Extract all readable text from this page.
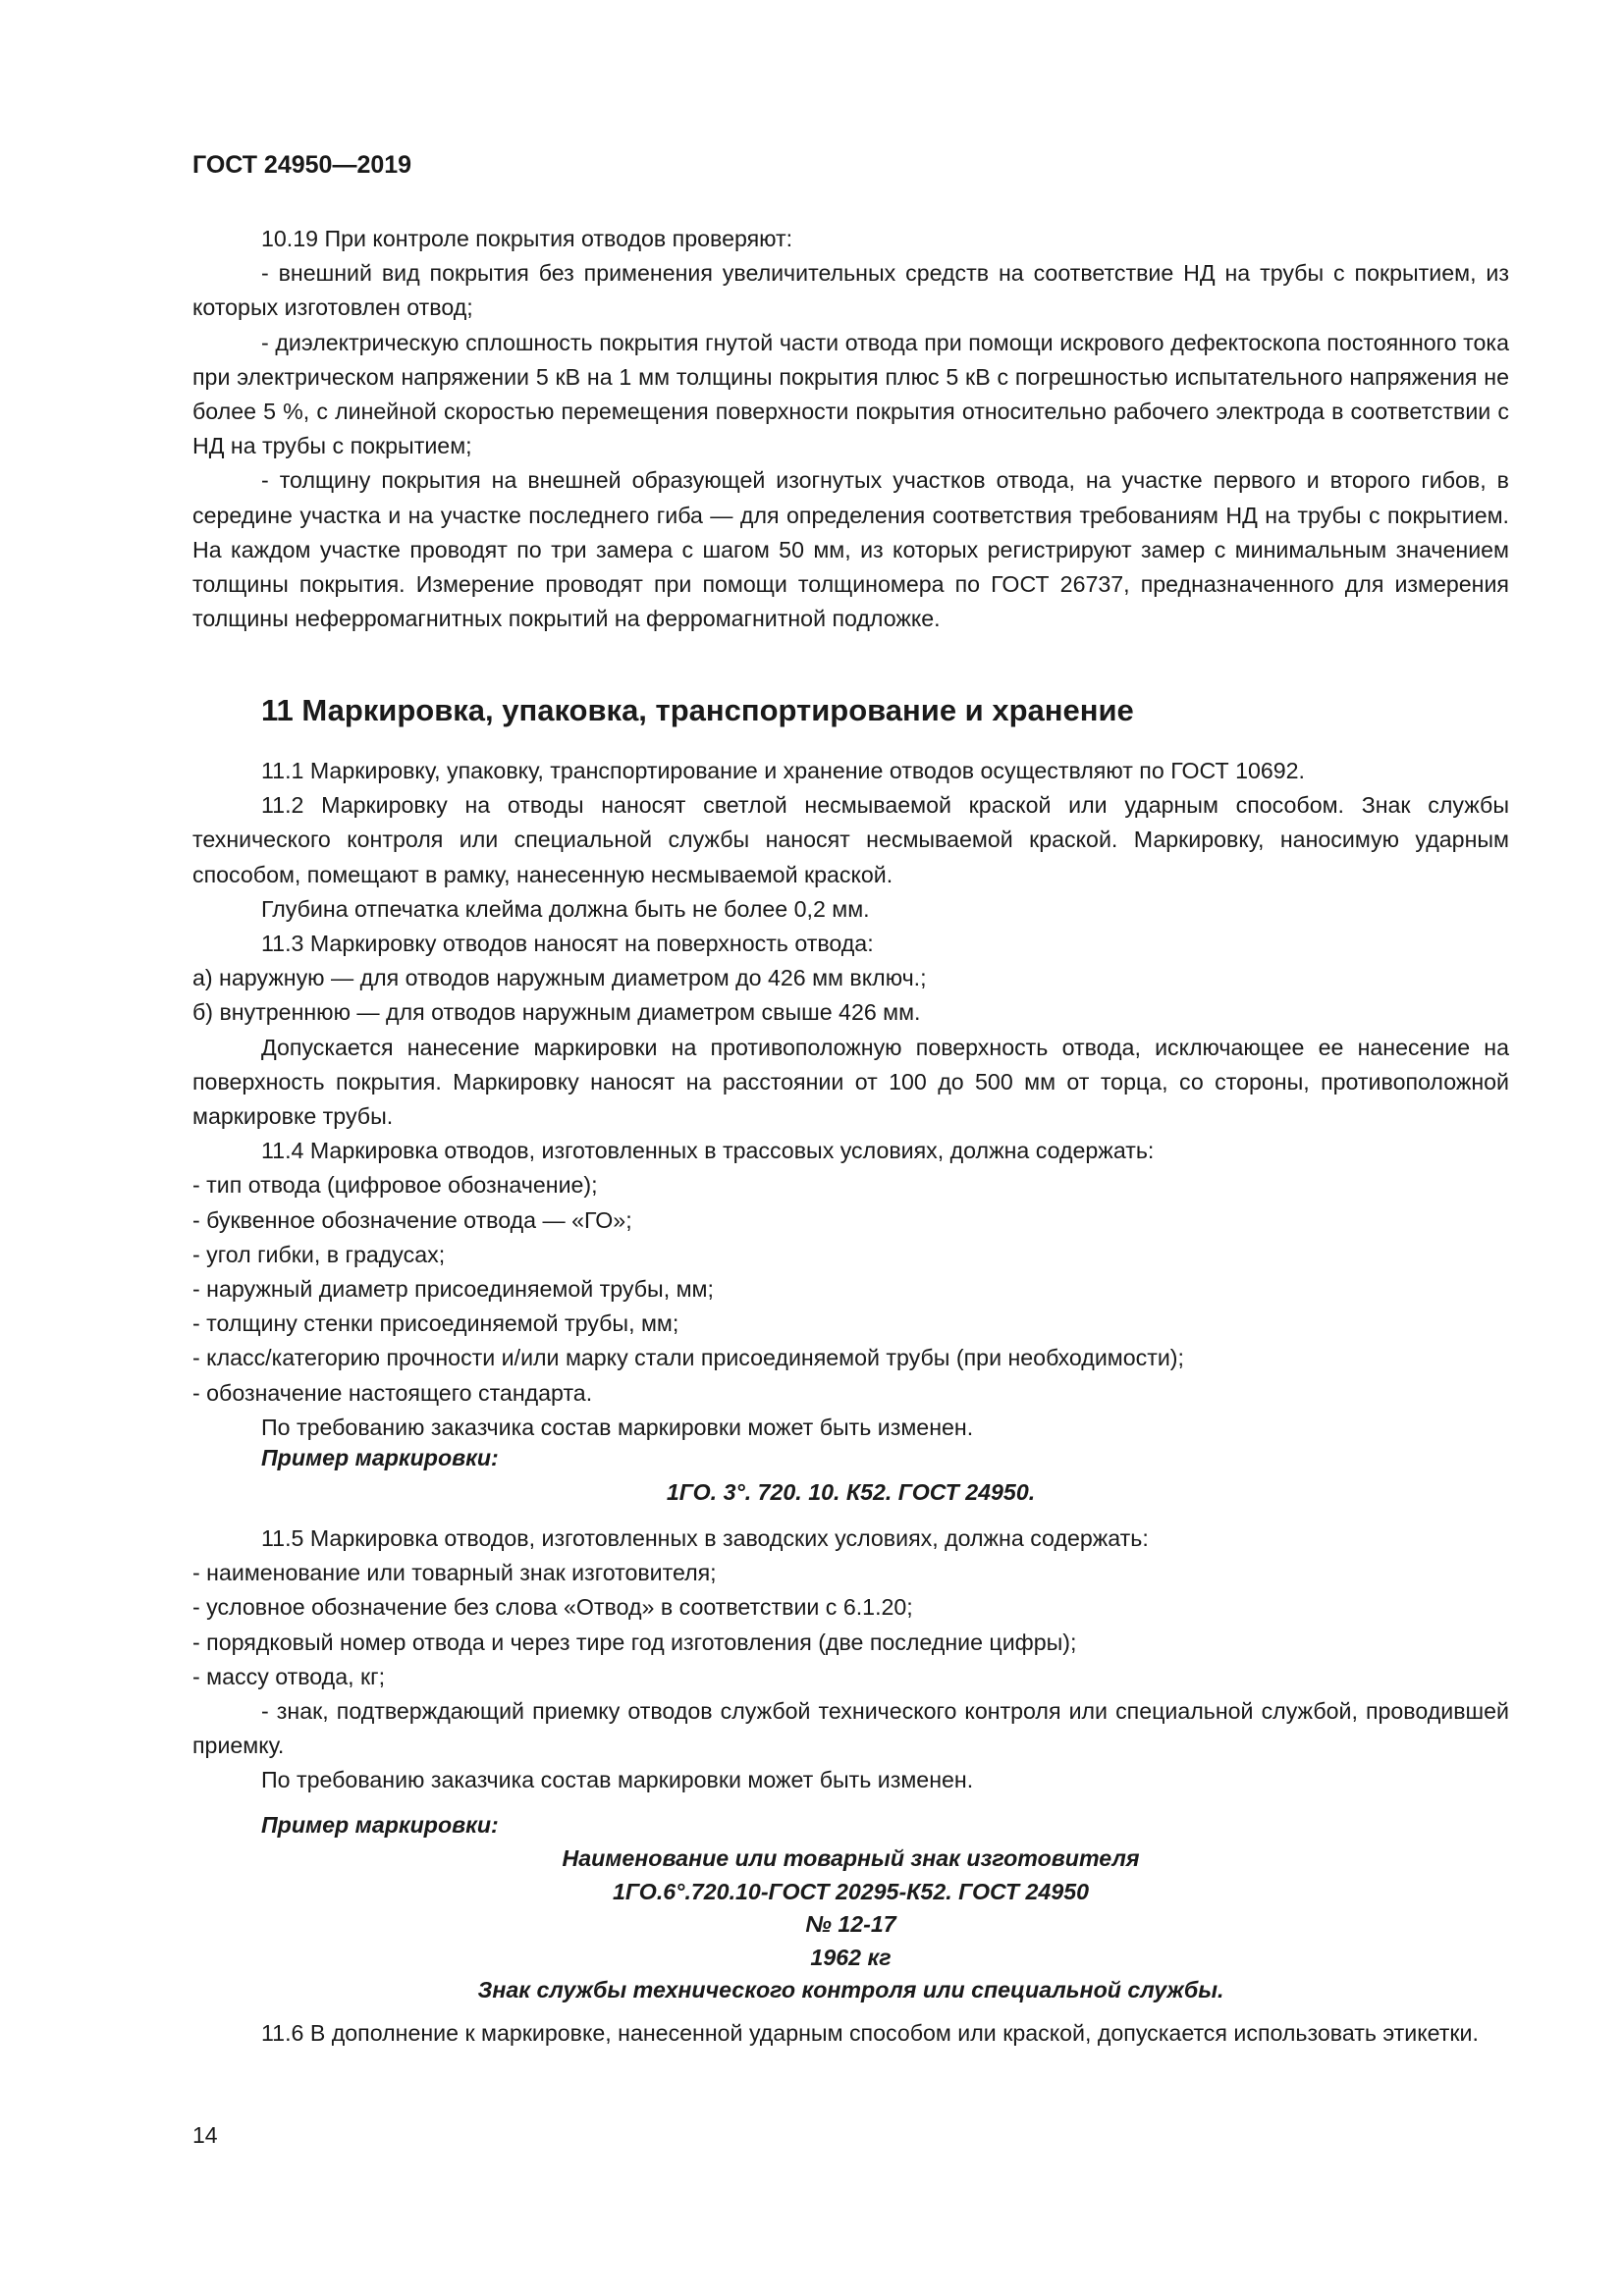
ГОСТ 24950—2019

10.19 При контроле покрытия отводов проверяют:

- внешний вид покрытия без применения увеличительных средств на соответствие НД на трубы с покрытием, из которых изготовлен отвод;

- диэлектрическую сплошность покрытия гнутой части отвода при помощи искрового дефектоскопа постоянного тока при электрическом напряжении 5 кВ на 1 мм толщины покрытия плюс 5 кВ с погрешностью испытательного напряжения не более 5 %, с линейной скоростью перемещения поверхности покрытия относительно рабочего электрода в соответствии с НД на трубы с покрытием;

- толщину покрытия на внешней образующей изогнутых участков отвода, на участке первого и второго гибов, в середине участка и на участке последнего гиба — для определения соответствия требованиям НД на трубы с покрытием. На каждом участке проводят по три замера с шагом 50 мм, из которых регистрируют замер с минимальным значением толщины покрытия. Измерение проводят при помощи толщиномера по ГОСТ 26737, предназначенного для измерения толщины неферромагнитных покрытий на ферромагнитной подложке.

11 Маркировка, упаковка, транспортирование и хранение

11.1 Маркировку, упаковку, транспортирование и хранение отводов осуществляют по ГОСТ 10692.

11.2 Маркировку на отводы наносят светлой несмываемой краской или ударным способом. Знак службы технического контроля или специальной службы наносят несмываемой краской. Маркировку, наносимую ударным способом, помещают в рамку, нанесенную несмываемой краской.

Глубина отпечатка клейма должна быть не более 0,2 мм.

11.3 Маркировку отводов наносят на поверхность отвода:

а) наружную — для отводов наружным диаметром до 426 мм включ.;

б) внутреннюю — для отводов наружным диаметром свыше 426 мм.

Допускается нанесение маркировки на противоположную поверхность отвода, исключающее ее нанесение на поверхность покрытия. Маркировку наносят на расстоянии от 100 до 500 мм от торца, со стороны, противоположной маркировке трубы.

11.4 Маркировка отводов, изготовленных в трассовых условиях, должна содержать:

- тип отвода (цифровое обозначение);

- буквенное обозначение отвода — «ГО»;

- угол гибки, в градусах;

- наружный диаметр присоединяемой трубы, мм;

- толщину стенки присоединяемой трубы, мм;

- класс/категорию прочности и/или марку стали присоединяемой трубы (при необходимости);

- обозначение настоящего стандарта.

По требованию заказчика состав маркировки может быть изменен.

Пример маркировки:

1ГО. 3°. 720. 10. К52. ГОСТ 24950.

11.5 Маркировка отводов, изготовленных в заводских условиях, должна содержать:

- наименование или товарный знак изготовителя;

- условное обозначение без слова «Отвод» в соответствии с 6.1.20;

- порядковый номер отвода и через тире год изготовления (две последние цифры);

- массу отвода, кг;

- знак, подтверждающий приемку отводов службой технического контроля или специальной службой, проводившей приемку.

По требованию заказчика состав маркировки может быть изменен.

Пример маркировки:

Наименование или товарный знак изготовителя

1ГО.6°.720.10-ГОСТ 20295-К52. ГОСТ 24950

№ 12-17

1962 кг

Знак службы технического контроля или специальной службы.

11.6 В дополнение к маркировке, нанесенной ударным способом или краской, допускается использовать этикетки.

14
